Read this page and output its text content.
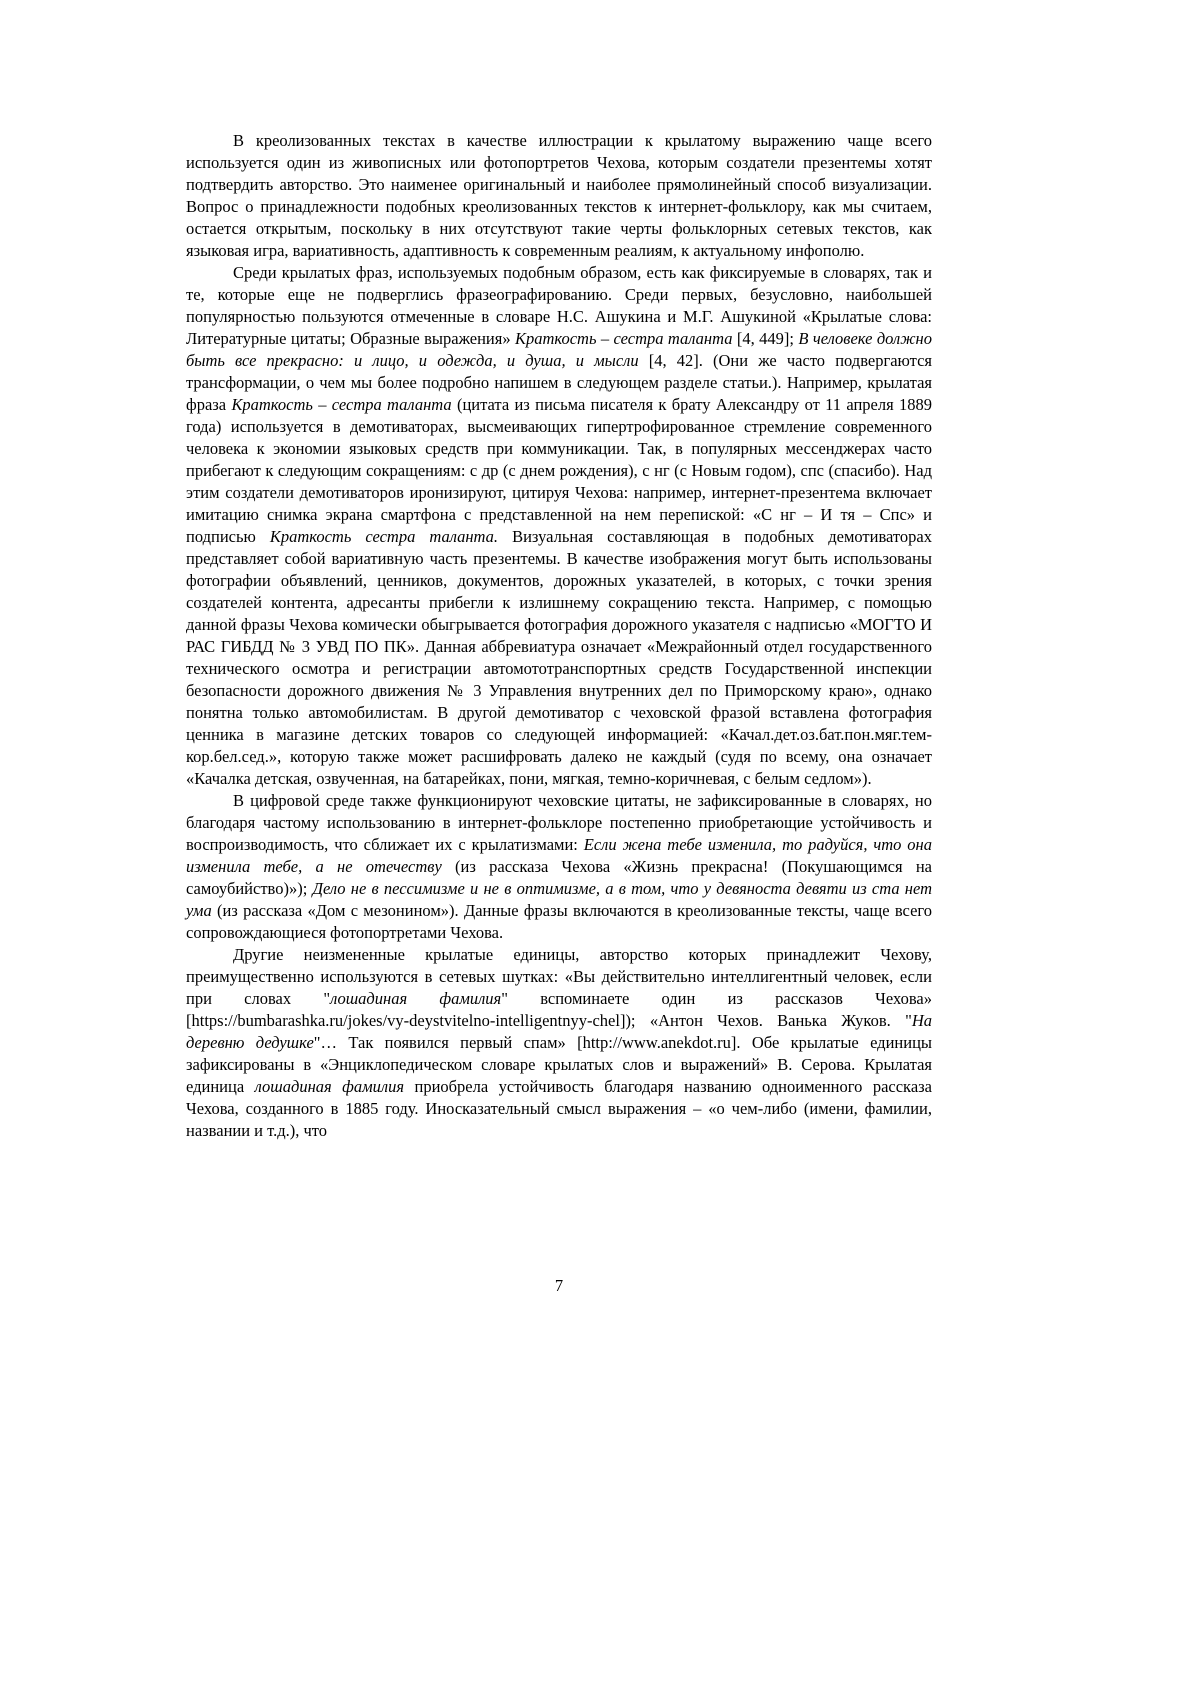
В креолизованных текстах в качестве иллюстрации к крылатому выражению чаще всего используется один из живописных или фотопортретов Чехова, которым создатели презентемы хотят подтвердить авторство. Это наименее оригинальный и наиболее прямолинейный способ визуализации. Вопрос о принадлежности подобных креолизованных текстов к интернет-фольклору, как мы считаем, остается открытым, поскольку в них отсутствуют такие черты фольклорных сетевых текстов, как языковая игра, вариативность, адаптивность к современным реалиям, к актуальному инфополю.

Среди крылатых фраз, используемых подобным образом, есть как фиксируемые в словарях, так и те, которые еще не подверглись фразеографированию. Среди первых, безусловно, наибольшей популярностью пользуются отмеченные в словаре Н.С. Ашукина и М.Г. Ашукиной «Крылатые слова: Литературные цитаты; Образные выражения» Краткость – сестра таланта [4, 449]; В человеке должно быть все прекрасно: и лицо, и одежда, и душа, и мысли [4, 42]. (Они же часто подвергаются трансформации, о чем мы более подробно напишем в следующем разделе статьи.). Например, крылатая фраза Краткость – сестра таланта (цитата из письма писателя к брату Александру от 11 апреля 1889 года) используется в демотиваторах, высмеивающих гипертрофированное стремление современного человека к экономии языковых средств при коммуникации. Так, в популярных мессенджерах часто прибегают к следующим сокращениям: с др (с днем рождения), с нг (с Новым годом), спс (спасибо). Над этим создатели демотиваторов иронизируют, цитируя Чехова: например, интернет-презентема включает имитацию снимка экрана смартфона с представленной на нем перепиской: «С нг – И тя – Спс» и подписью Краткость сестра таланта. Визуальная составляющая в подобных демотиваторах представляет собой вариативную часть презентемы. В качестве изображения могут быть использованы фотографии объявлений, ценников, документов, дорожных указателей, в которых, с точки зрения создателей контента, адресанты прибегли к излишнему сокращению текста. Например, с помощью данной фразы Чехова комически обыгрывается фотография дорожного указателя с надписью «МОГТО И РАС ГИБДД № 3 УВД ПО ПК». Данная аббревиатура означает «Межрайонный отдел государственного технического осмотра и регистрации автомототранспортных средств Государственной инспекции безопасности дорожного движения № 3 Управления внутренних дел по Приморскому краю», однако понятна только автомобилистам. В другой демотиватор с чеховской фразой вставлена фотография ценника в магазине детских товаров со следующей информацией: «Качал.дет.оз.бат.пон.мяг.тем-кор.бел.сед.», которую также может расшифровать далеко не каждый (судя по всему, она означает «Качалка детская, озвученная, на батарейках, пони, мягкая, темно-коричневая, с белым седлом»).

В цифровой среде также функционируют чеховские цитаты, не зафиксированные в словарях, но благодаря частому использованию в интернет-фольклоре постепенно приобретающие устойчивость и воспроизводимость, что сближает их с крылатизмами: Если жена тебе изменила, то радуйся, что она изменила тебе, а не отечеству (из рассказа Чехова «Жизнь прекрасна! (Покушающимся на самоубийство)»); Дело не в пессимизме и не в оптимизме, а в том, что у девяноста девяти из ста нет ума (из рассказа «Дом с мезонином»). Данные фразы включаются в креолизованные тексты, чаще всего сопровождающиеся фотопортретами Чехова.

Другие неизмененные крылатые единицы, авторство которых принадлежит Чехову, преимущественно используются в сетевых шутках: «Вы действительно интеллигентный человек, если при словах "лошадиная фамилия" вспоминаете один из рассказов Чехова» [https://bumbarashka.ru/jokes/vy-deystvitelno-intelligentnyy-chel]); «Антон Чехов. Ванька Жуков. "На деревню дедушке"… Так появился первый спам» [http://www.anekdot.ru]. Обе крылатые единицы зафиксированы в «Энциклопедическом словаре крылатых слов и выражений» В. Серова. Крылатая единица лошадиная фамилия приобрела устойчивость благодаря названию одноименного рассказа Чехова, созданного в 1885 году. Иносказательный смысл выражения – «о чем-либо (имени, фамилии, названии и т.д.), что

7
